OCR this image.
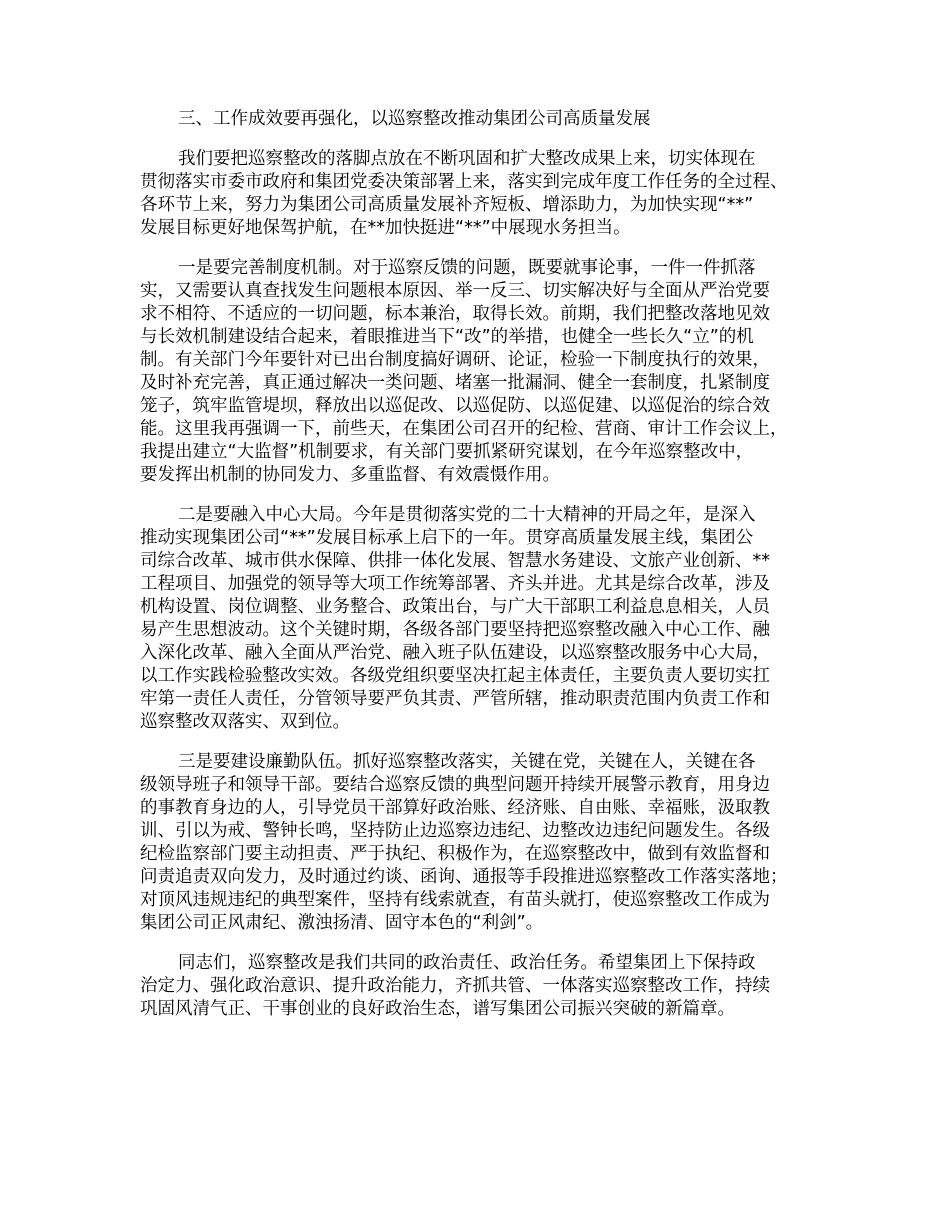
三、工作成效要再强化，以巡察整改推动集团公司高质量发展

我们要把巡察整改的落脚点放在不断巩固和扩大整改成果上来，切实体现在
贯彻落实市委市政府和集团党委决策部署上来，落实到完成年度工作任务的全过程、
各环节上来，努力为集团公司高质量发展补齐短板、增添助力，为加快实现“**”
发展目标更好地保驾护航，在**加快挺进“**”中展现水务担当。
一是要完善制度机制。对于巡察反馈的问题，既要就事论事，一件一件抓落
实，又需要认真查找发生问题根本原因、举一反三、切实解决好与全面从严治党要
求不相符、不适应的一切问题，标本兼治，取得长效。前期，我们把整改落地见效
与长效机制建设结合起来，着眼推进当下“改”的举措，也健全一些长久“立”的机
制。有关部门今年要针对已出台制度搞好调研、论证，检验一下制度执行的效果，
及时补充完善，真正通过解决一类问题、堵塞一批漏洞、健全一套制度，扎紧制度
笼子，筑牢监管堤坝，释放出以巡促改、以巡促防、以巡促建、以巡促治的综合效
能。这里我再强调一下，前些天，在集团公司召开的纪检、营商、审计工作会议上，
我提出建立“大监督”机制要求，有关部门要抓紧研究谋划，在今年巡察整改中，
要发挥出机制的协同发力、多重监督、有效震慑作用。
二是要融入中心大局。今年是贯彻落实党的二十大精神的开局之年，是深入
推动实现集团公司“**”发展目标承上启下的一年。贯穿高质量发展主线，集团公
司综合改革、城市供水保障、供排一体化发展、智慧水务建设、文旅产业创新、**
工程项目、加强党的领导等大项工作统筹部署、齐头并进。尤其是综合改革，涉及
机构设置、岗位调整、业务整合、政策出台，与广大干部职工利益息息相关，人员
易产生思想波动。这个关键时期，各级各部门要坚持把巡察整改融入中心工作、融
入深化改革、融入全面从严治党、融入班子队伍建设，以巡察整改服务中心大局，
以工作实践检验整改实效。各级党组织要坚决扛起主体责任，主要负责人要切实扛
牢第一责任人责任，分管领导要严负其责、严管所辖，推动职责范围内负责工作和
巡察整改双落实、双到位。
三是要建设廉勤队伍。抓好巡察整改落实，关键在党，关键在人，关键在各
级领导班子和领导干部。要结合巡察反馈的典型问题开持续开展警示教育，用身边
的事教育身边的人，引导党员干部算好政治账、经济账、自由账、幸福账，汲取教
训、引以为戒、警钟长鸣，坚持防止边巡察边违纪、边整改边违纪问题发生。各级
纪检监察部门要主动担责、严于执纪、积极作为，在巡察整改中，做到有效监督和
问责追责双向发力，及时通过约谈、函询、通报等手段推进巡察整改工作落实落地；
对顶风违规违纪的典型案件，坚持有线索就查，有苗头就打，使巡察整改工作成为
集团公司正风肃纪、激浊扬清、固守本色的“利剑”。
同志们，巡察整改是我们共同的政治责任、政治任务。希望集团上下保持政
治定力、强化政治意识、提升政治能力，齐抓共管、一体落实巡察整改工作，持续
巩固风清气正、干事创业的良好政治生态，谱写集团公司振兴突破的新篇章。
